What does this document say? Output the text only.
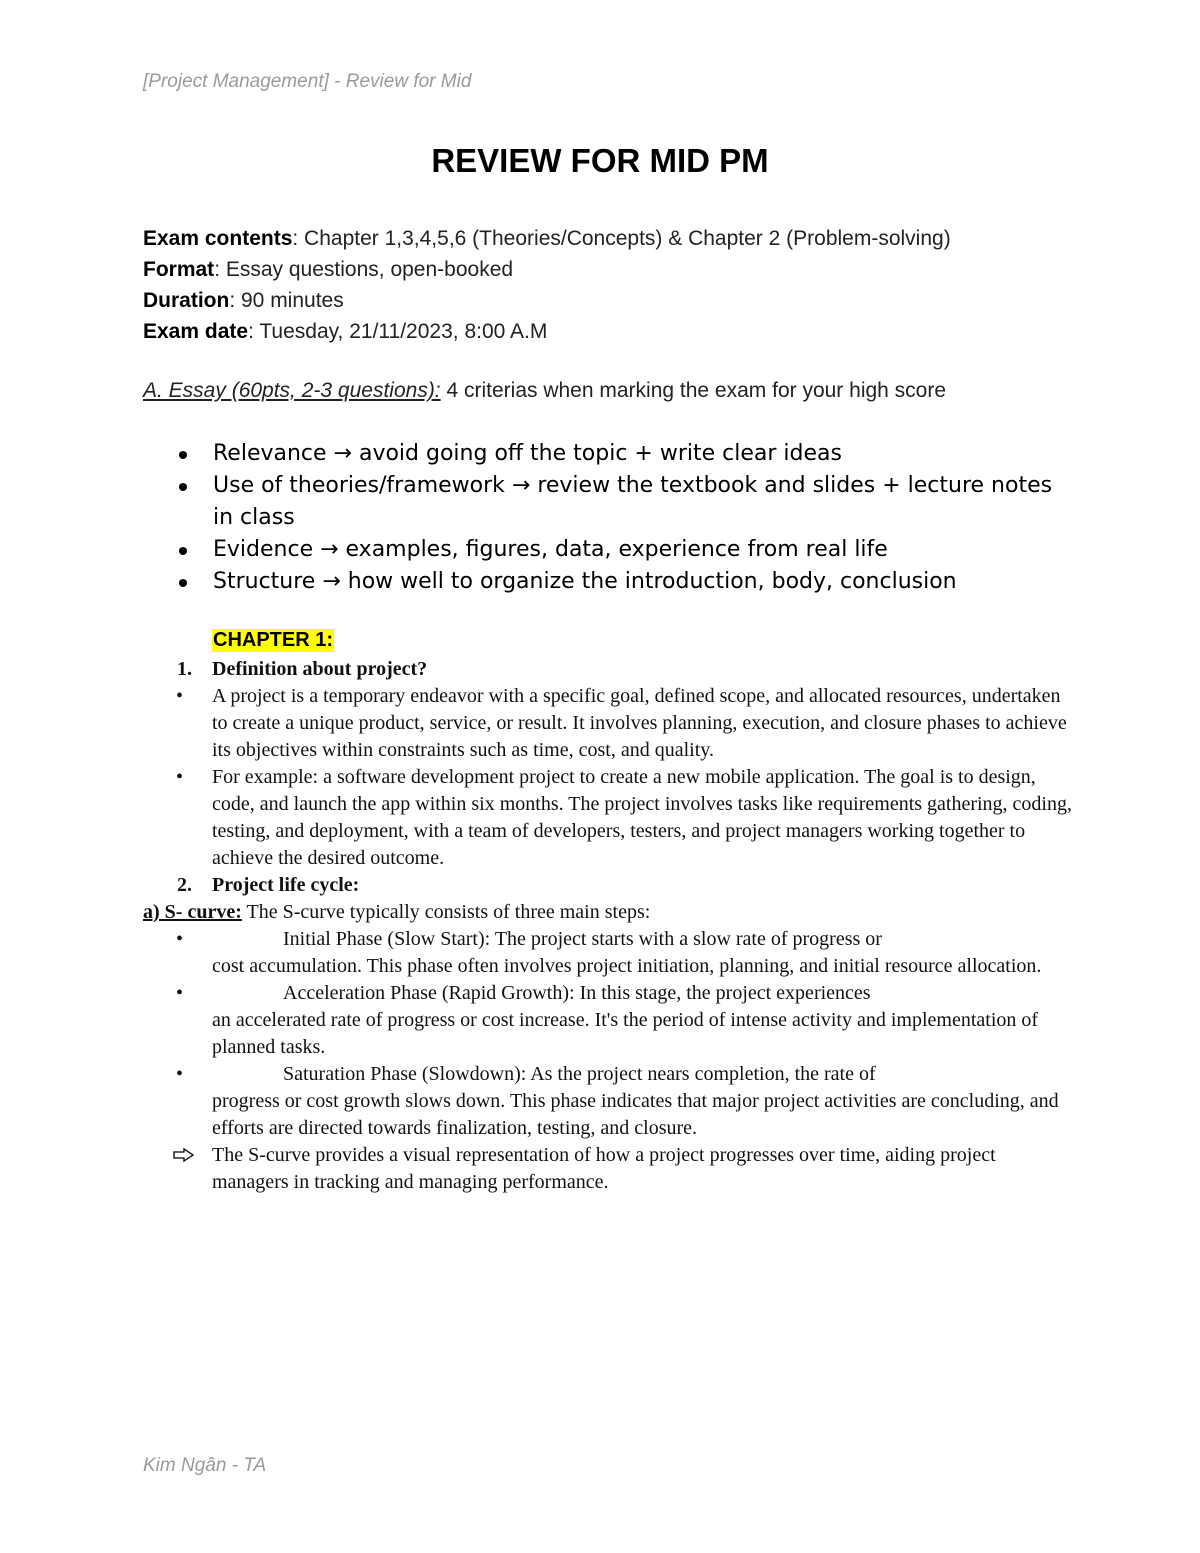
[Project Management] - Review for Mid
REVIEW FOR MID PM
Exam contents: Chapter 1,3,4,5,6 (Theories/Concepts) & Chapter 2 (Problem-solving)
Format: Essay questions, open-booked
Duration: 90 minutes
Exam date: Tuesday, 21/11/2023, 8:00 A.M
A. Essay (60pts, 2-3 questions): 4 criterias when marking the exam for your high score
Relevance → avoid going off the topic + write clear ideas
Use of theories/framework → review the textbook and slides + lecture notes in class
Evidence → examples, figures, data, experience from real life
Structure → how well to organize the introduction, body, conclusion
CHAPTER 1:
1. Definition about project?
• A project is a temporary endeavor with a specific goal, defined scope, and allocated resources, undertaken to create a unique product, service, or result. It involves planning, execution, and closure phases to achieve its objectives within constraints such as time, cost, and quality.
• For example: a software development project to create a new mobile application. The goal is to design, code, and launch the app within six months. The project involves tasks like requirements gathering, coding, testing, and deployment, with a team of developers, testers, and project managers working together to achieve the desired outcome.
2. Project life cycle:
a) S- curve: The S-curve typically consists of three main steps:
•	Initial Phase (Slow Start): The project starts with a slow rate of progress or
cost accumulation. This phase often involves project initiation, planning, and initial resource allocation.
•	Acceleration Phase (Rapid Growth): In this stage, the project experiences
an accelerated rate of progress or cost increase. It's the period of intense activity and implementation of planned tasks.
•	Saturation Phase (Slowdown): As the project nears completion, the rate of
progress or cost growth slows down. This phase indicates that major project activities are concluding, and efforts are directed towards finalization, testing, and closure.
The S-curve provides a visual representation of how a project progresses over time, aiding project managers in tracking and managing performance.
Kim Ngân - TA
